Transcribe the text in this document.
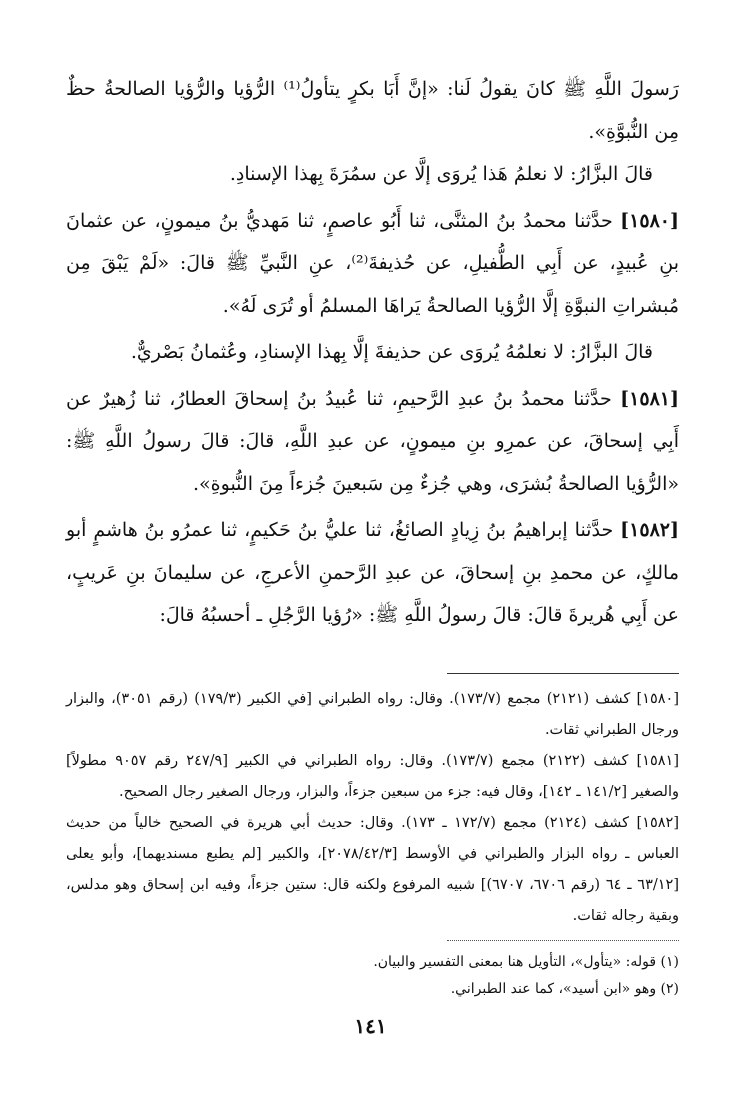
رَسولَ اللَّهِ ﷺ كانَ يقولُ لَنا: «إنَّ أَبَا بكرٍ يتأولُ⁽¹⁾ الرُّؤيا والرُّؤيا الصالحةُ حظٌ مِن النُّبوَّةِ».

قالَ البزَّارُ: لا نعلمُ هَذا يُروَى إلَّا عن سمُرَةَ بِهذا الإسنادِ.

[١٥٨٠] حدَّثنا محمدُ بنُ المثنَّى، ثنا أَبُو عاصمٍ، ثنا مَهديُّ بنُ ميمونٍ، عن عثمانَ بنِ عُبيدٍ، عن أَبِي الطُّفيلِ، عن حُذيفةَ⁽²⁾، عنِ النَّبيِّ ﷺ قالَ: «لَمْ يَبْقَ مِن مُبشراتِ النبوَّةِ إلَّا الرُّؤيا الصالحةُ يَراهَا المسلمُ أو تُرَى لَهُ».

قالَ البزَّارُ: لا نعلمُهُ يُروَى عن حذيفةَ إلَّا بِهذا الإسنادِ، وعُثمانُ بَصْريٌّ.

[١٥٨١] حدَّثنا محمدُ بنُ عبدِ الرَّحيمِ، ثنا عُبيدُ بنُ إسحاقَ العطارُ، ثنا زُهيرٌ عن أَبِي إسحاقَ، عن عمرِو بنِ ميمونٍ، عن عبدِ اللَّهِ، قالَ: قالَ رسولُ اللَّهِ ﷺ: «الرُّؤيا الصالحةُ بُشرَى، وهي جُزءٌ مِن سَبعينَ جُزءاً مِنَ النُّبوةِ».

[١٥٨٢] حدَّثنا إبراهيمُ بنُ زِيادٍ الصائغُ، ثنا عليُّ بنُ حَكيمٍ، ثنا عمرُو بنُ هاشمٍ أبو مالكٍ، عن محمدِ بنِ إسحاقَ، عن عبدِ الرَّحمنِ الأعرجِ، عن سليمانَ بنِ عَريبٍ، عن أَبِي هُريرةَ قالَ: قالَ رسولُ اللَّهِ ﷺ: «رُؤيا الرَّجُلِ ـ أحسبُهُ قالَ:

[١٥٨٠] كشف (٢١٢١) مجمع (١٧٣/٧). وقال: رواه الطبراني [في الكبير (١٧٩/٣) (رقم ٣٠٥١)، والبزار ورجال الطبراني ثقات.

[١٥٨١] كشف (٢١٢٢) مجمع (١٧٣/٧). وقال: رواه الطبراني في الكبير [٢٤٧/٩ رقم ٩٠٥٧ مطولاً] والصغير [١٤١/٢ ـ ١٤٢]، وقال فيه: جزء من سبعين جزءاً، والبزار، ورجال الصغير رجال الصحيح.

[١٥٨٢] كشف (٢١٢٤) مجمع (١٧٢/٧ ـ ١٧٣). وقال: حديث أبي هريرة في الصحيح خالياً من حديث العباس ـ رواه البزار والطبراني في الأوسط [٢٠٧٨/٤٢/٣]، والكبير [لم يطبع مسنديهما]، وأبو يعلى [٦٣/١٢ ـ ٦٤ (رقم ٦٧٠٦، ٦٧٠٧)] شبيه المرفوع ولكنه قال: ستين جزءاً، وفيه ابن إسحاق وهو مدلس، وبقية رجاله ثقات.

(١) قوله: «يتأول»، التأويل هنا بمعنى التفسير والبيان.

(٢) وهو «ابن أسيد»، كما عند الطبراني.

١٤١
